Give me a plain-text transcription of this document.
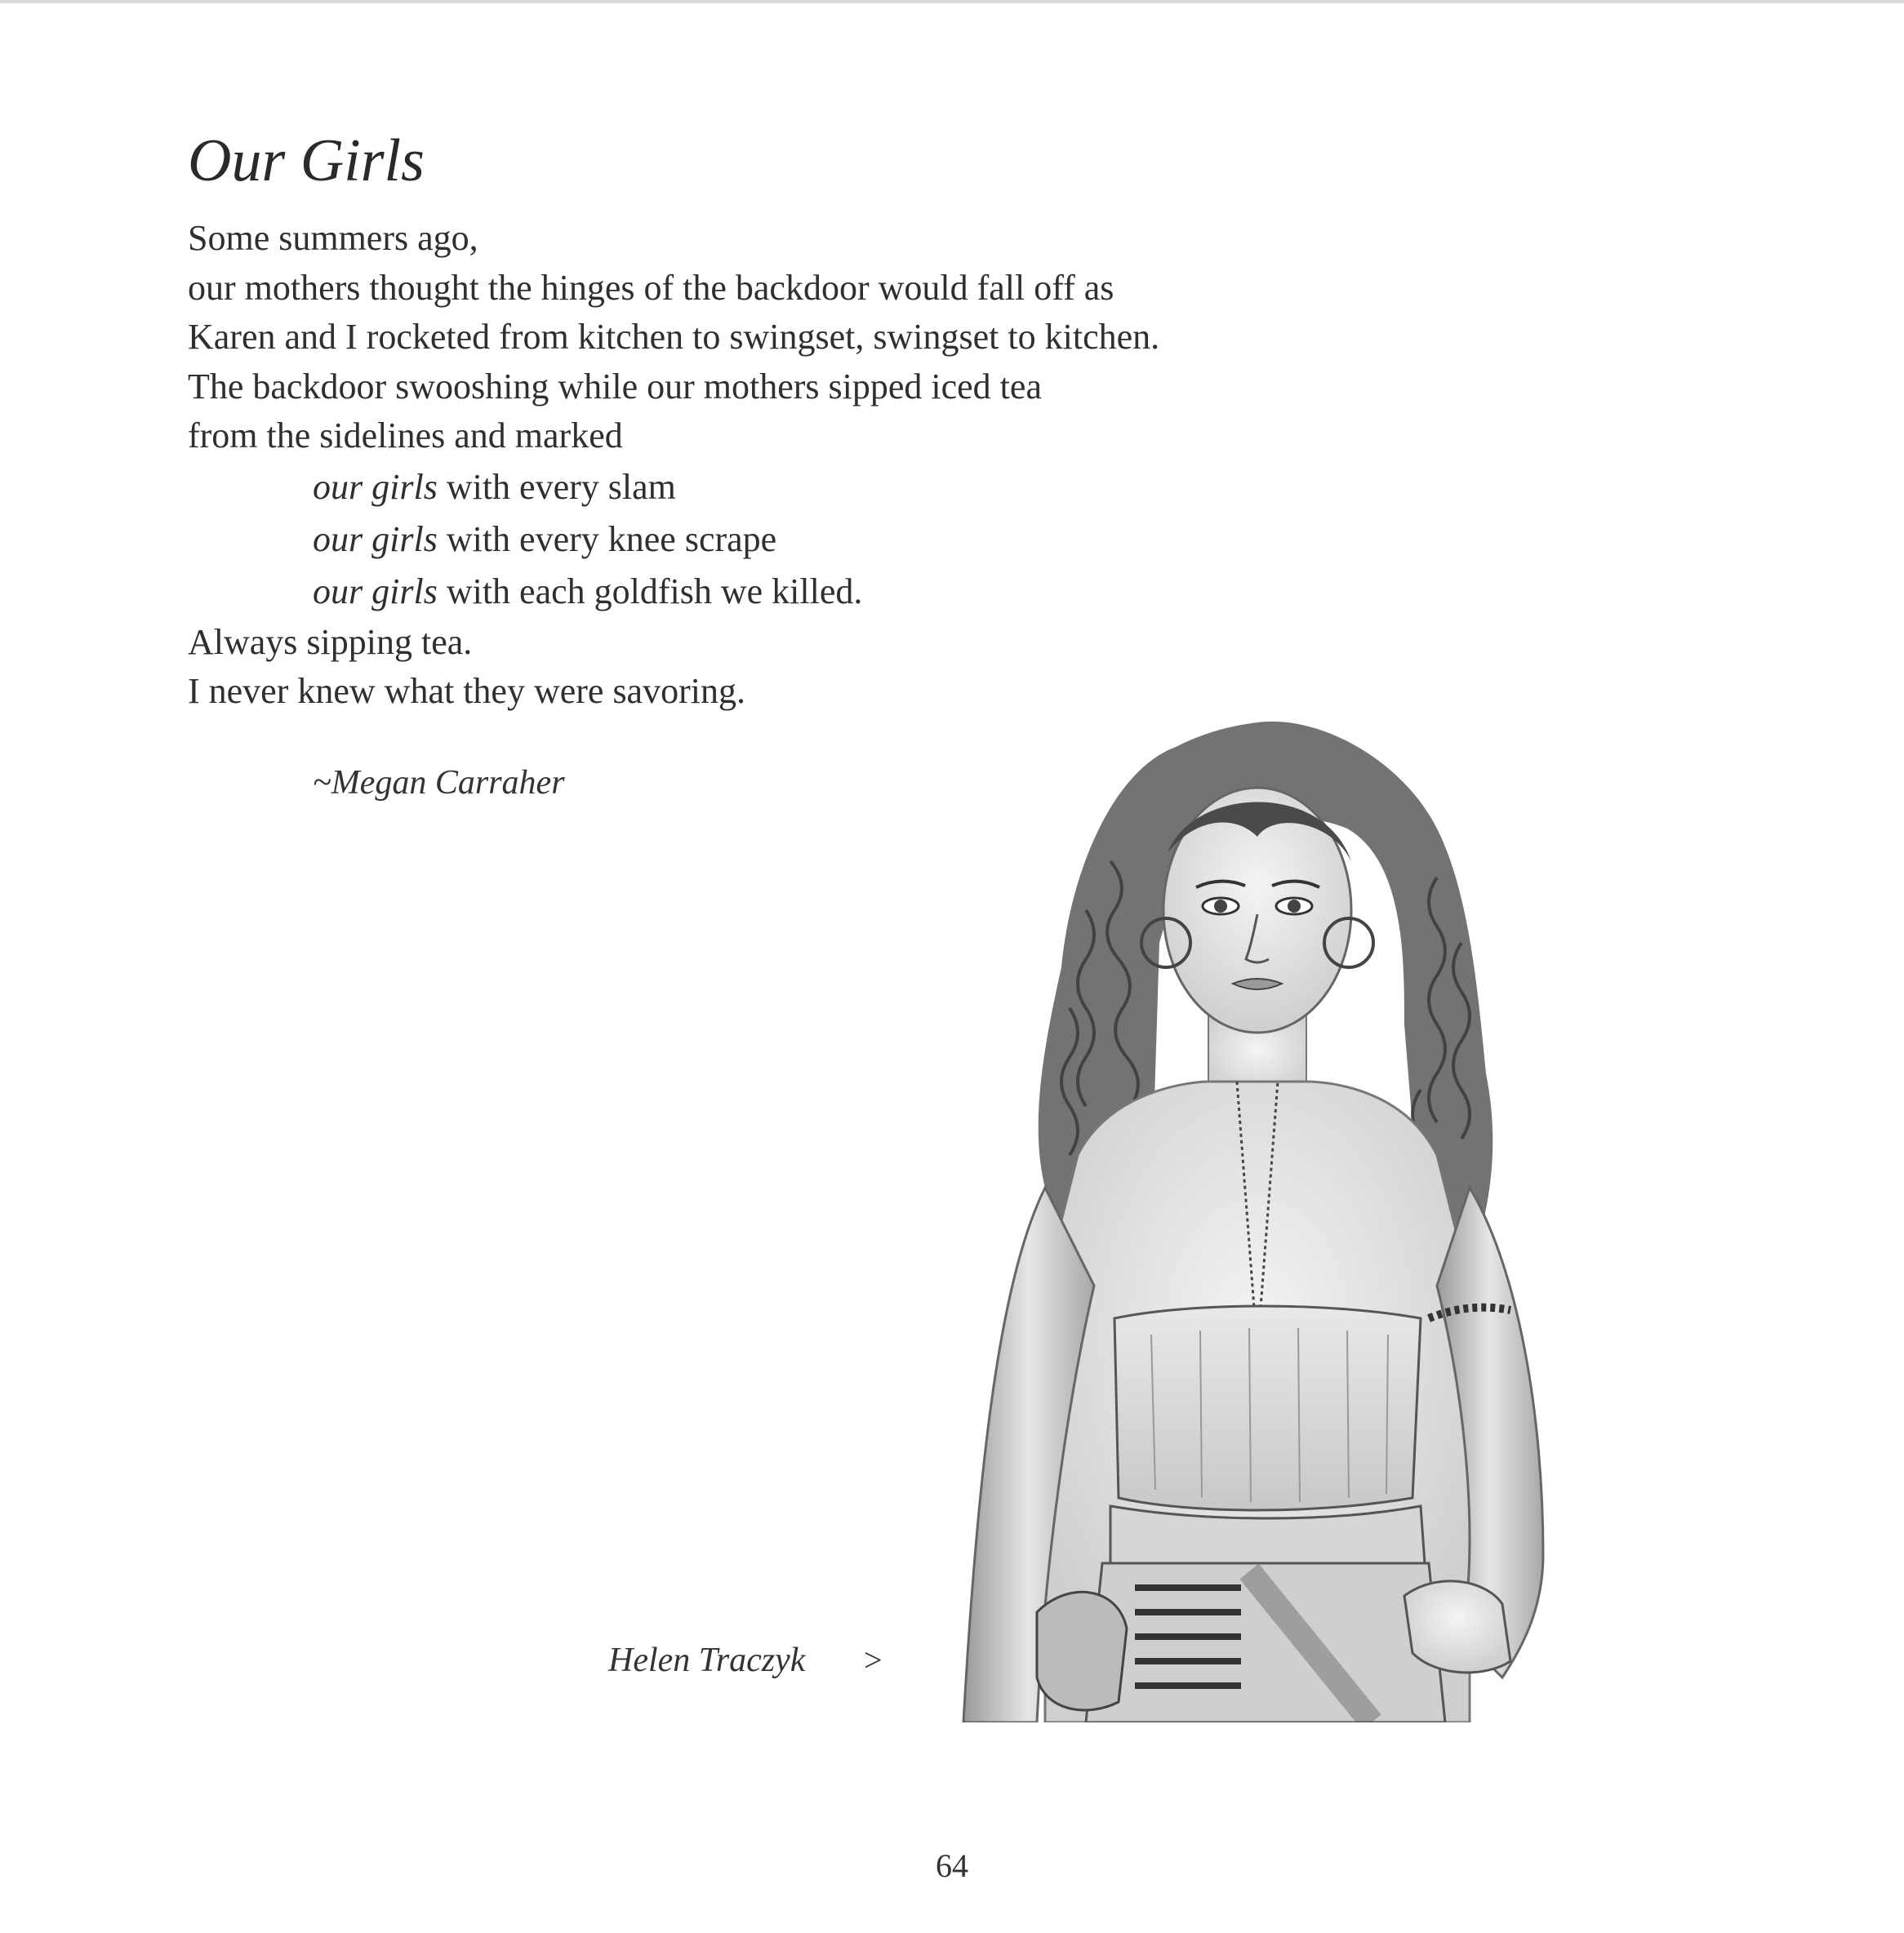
Our Girls
Some summers ago,
our mothers thought the hinges of the backdoor would fall off as
Karen and I rocketed from kitchen to swingset, swingset to kitchen.
The backdoor swooshing while our mothers sipped iced tea
from the sidelines and marked
our girls with every slam
our girls with every knee scrape
our girls with each goldfish we killed.
Always sipping tea.
I never knew what they were savoring.
~Megan Carraher
Helen Traczyk >
64
